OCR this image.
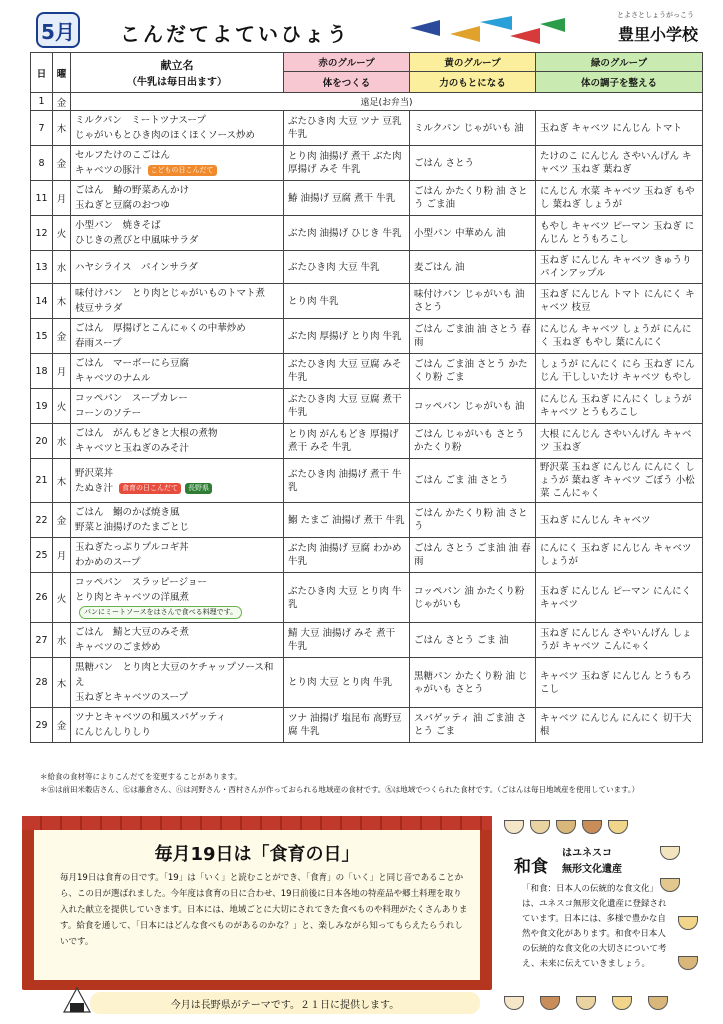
5月 こんだてよていひょう
とよさとしょうがっこう
豊里小学校
日	曜	献立名
（牛乳は毎日出ます）	赤のグループ	黄のグループ	緑のグループ
			体をつくる	力のもとになる	体の調子を整える
1	金	遠足(お弁当)			
7	木	ミルクパン　ミートツナスープ
じゃがいもとひき肉のほくほくソース炒め	ぶたひき肉 大豆 ツナ 豆乳 牛乳	ミルクパン じゃがいも 油	玉ねぎ キャベツ にんじん トマト
8	金	セルフたけのこごはん
キャベツの豚汁 こどもの日こんだて	とり肉 油揚げ 煮干 ぶた肉 厚揚げ みそ 牛乳	ごはん さとう	たけのこ にんじん さやいんげん キャベツ 玉ねぎ 葉ねぎ
11	月	ごはん　鰆の野菜あんかけ
玉ねぎと豆腐のおつゆ	鰆 油揚げ 豆腐 煮干 牛乳	ごはん かたくり粉 油 さとう ごま油	にんじん 水菜 キャベツ 玉ねぎ もやし 葉ねぎ しょうが
12	火	小型パン　焼きそば
ひじきの煮びと中風味サラダ	ぶた肉 油揚げ ひじき 牛乳	小型パン 中華めん 油	もやし キャベツ ピーマン 玉ねぎ にんじん とうもろこし
13	水	ハヤシライス　パインサラダ	ぶたひき肉 大豆 牛乳	麦ごはん 油	玉ねぎ にんじん キャベツ きゅうり パインアップル
14	木	味付けパン　とり肉とじゃがいものトマト煮
枝豆サラダ	とり肉 牛乳	味付けパン じゃがいも 油 さとう	玉ねぎ にんじん トマト にんにく キャベツ 枝豆
15	金	ごはん　厚揚げとこんにゃくの中華炒め
春雨スープ	ぶた肉 厚揚げ とり肉 牛乳	ごはん ごま油 油 さとう 春雨	にんじん キャベツ しょうが にんにく 玉ねぎ もやし 葉にんにく
18	月	ごはん　マーボーにら豆腐
キャベツのナムル	ぶたひき肉 大豆 豆腐 みそ 牛乳	ごはん ごま油 さとう かたくり粉 ごま	しょうが にんにく にら 玉ねぎ にんじん 干ししいたけ キャベツ もやし
19	火	コッペパン　スープカレー
コーンのソテー	ぶたひき肉 大豆 豆腐 煮干 牛乳	コッペパン じゃがいも 油	にんじん 玉ねぎ にんにく しょうが キャベツ とうもろこし
20	水	ごはん　がんもどきと大根の煮物
キャベツと玉ねぎのみそ汁	とり肉 がんもどき 厚揚げ 煮干 みそ 牛乳	ごはん じゃがいも さとう かたくり粉	大根 にんじん さやいんげん キャベツ 玉ねぎ
21	木	野沢菜丼
たぬき汁 食育の日こんだて 長野県	ぶたひき肉 油揚げ 煮干 牛乳	ごはん ごま 油 さとう	野沢菜 玉ねぎ にんじん にんにく しょうが 葉ねぎ キャベツ ごぼう 小松菜 こんにゃく
22	金	ごはん　鰯のかば焼き風
野菜と油揚げのたまごとじ	鰯 たまご 油揚げ 煮干 牛乳	ごはん かたくり粉 油 さとう	玉ねぎ にんじん キャベツ
25	月	玉ねぎたっぷりプルコギ丼
わかめのスープ	ぶた肉 油揚げ 豆腐 わかめ 牛乳	ごはん さとう ごま油 油 春雨	にんにく 玉ねぎ にんじん キャベツ しょうが
26	火	コッペパン　スラッピージョー
とり肉とキャベツの洋風煮パンにミートソースをはさんで食べる料理です。	ぶたひき肉 大豆 とり肉 牛乳	コッペパン 油 かたくり粉 じゃがいも	玉ねぎ にんじん ピーマン にんにく キャベツ
27	水	ごはん　鯖と大豆のみそ煮
キャベツのごま炒め	鯖 大豆 油揚げ みそ 煮干 牛乳	ごはん さとう ごま 油	玉ねぎ にんじん さやいんげん しょうが キャベツ こんにゃく
28	木	黒糖パン　とり肉と大豆のケチャップソース和え
玉ねぎとキャベツのスープ	とり肉 大豆 とり肉 牛乳	黒糖パン かたくり粉 油 じゃがいも さとう	キャベツ 玉ねぎ にんじん とうもろこし
29	金	ツナとキャベツの和風スパゲッティ
にんじんしりしり	ツナ 油揚げ 塩昆布 高野豆腐 牛乳	スパゲッティ 油 ごま油 さとう ごま	キャベツ にんじん にんにく 切干大根
＊給食の食材等によりこんだてを変更することがあります。
＊㊄は前田米穀店さん、㊆は藤倉さん、㊇は河野さん・西村さんが作っておられる地域産の食材です。㊈は地域でつくられた食材です。（ごはんは毎日地域産を使用しています。）
毎月19日は「食育の日」
毎月19日は食育の日です。「19」は「いく」と読むことができ、「食育」の「いく」と同じ音であることから、この日が選ばれました。今年度は食育の日に合わせ、19日前後に日本各地の特産品や郷土料理を取り入れた献立を提供していきます。日本には、地域ごとに大切にされてきた食べものや料理がたくさんあります。給食を通して、「日本にはどんな食べものがあるのかな？」と、楽しみながら知ってもらえたらうれしいです。
今月は長野県がテーマです。２１日に提供します。
はユネスコ
和食 無形文化遺産
「和食：日本人の伝統的な食文化」は、ユネスコ無形文化遺産に登録されています。日本には、多様で豊かな自然や食文化があります。和食や日本人の伝統的な食文化の大切さについて考え、未来に伝えていきましょう。
